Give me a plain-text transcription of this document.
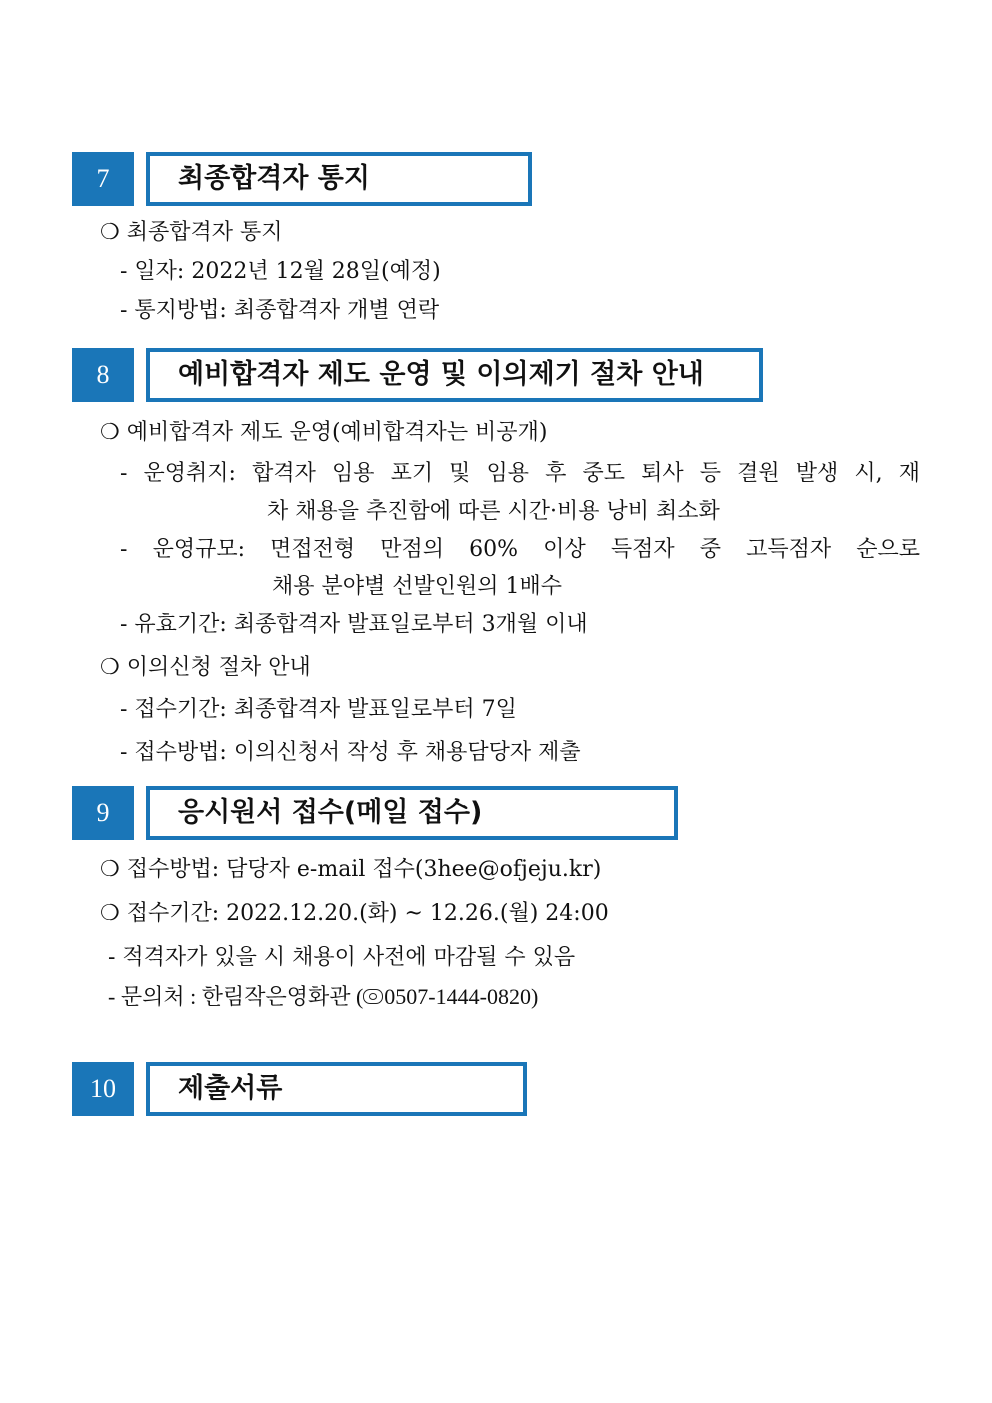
7	최종합격자 통지
❍ 최종합격자 통지
- 일자: 2022년 12월 28일(예정)
- 통지방법: 최종합격자 개별 연락
8	예비합격자 제도 운영 및 이의제기 절차 안내
❍ 예비합격자 제도 운영(예비합격자는 비공개)
- 운영취지: 합격자 임용 포기 및 임용 후 중도 퇴사 등 결원 발생 시, 재
차 채용을 추진함에 따른 시간·비용 낭비 최소화
- 운영규모: 면접전형 만점의 60% 이상 득점자 중 고득점자 순으로
채용 분야별 선발인원의 1배수
- 유효기간: 최종합격자 발표일로부터 3개월 이내
❍ 이의신청 절차 안내
- 접수기간: 최종합격자 발표일로부터 7일
- 접수방법: 이의신청서 작성 후 채용담당자 제출
9	응시원서 접수(메일 접수)
❍ 접수방법: 담당자 e-mail 접수(3hee@ofjeju.kr)
❍ 접수기간: 2022.12.20.(화) ~ 12.26.(월) 24:00
- 적격자가 있을 시 채용이 사전에 마감될 수 있음
- 문의처 : 한림작은영화관 ( 0507-1444-0820)
10	제출서류
